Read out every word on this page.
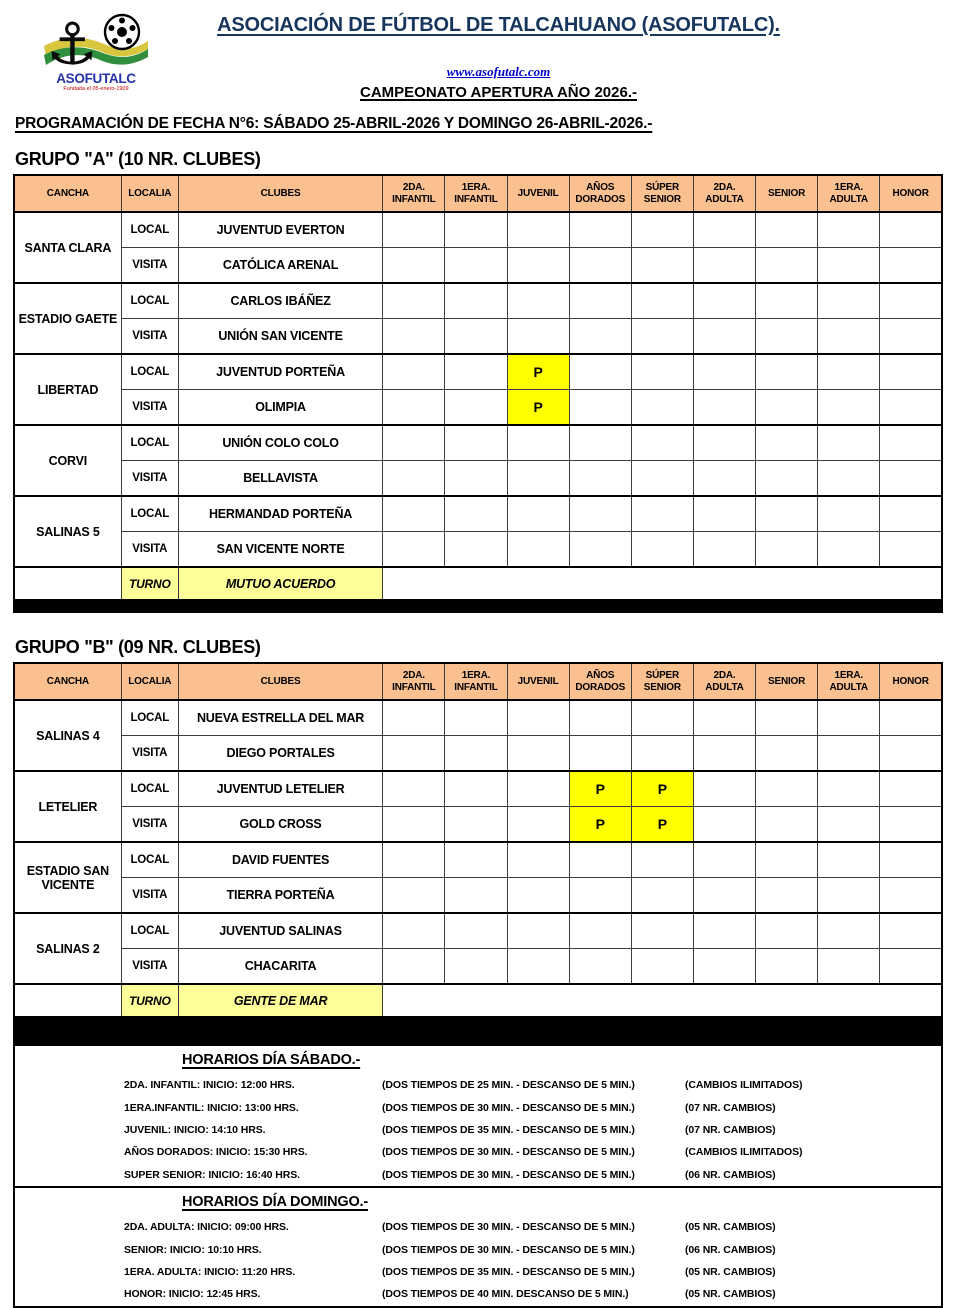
⚓
ASOFUTALC
Fundada el 05-enero-1909
ASOCIACIÓN DE FÚTBOL DE TALCAHUANO (ASOFUTALC).

www.asofutalc.com
CAMPEONATO APERTURA AÑO 2026.-
PROGRAMACIÓN DE FECHA N°6: SÁBADO 25-ABRIL-2026 Y DOMINGO 26-ABRIL-2026.-
GRUPO "A" (10 NR. CLUBES)
CANCHA	LOCALIA	CLUBES	2DA. INFANTIL	1ERA. INFANTIL	JUVENIL	AÑOS DORADOS	SÚPER SENIOR	2DA. ADULTA	SENIOR	1ERA. ADULTA	HONOR
SANTA CLARA	LOCAL	JUVENTUD EVERTON									
	VISITA	CATÓLICA ARENAL									
ESTADIO GAETE	LOCAL	CARLOS IBÁÑEZ									
	VISITA	UNIÓN SAN VICENTE									
LIBERTAD	LOCAL	JUVENTUD PORTEÑA			P						
	VISITA	OLIMPIA			P						
CORVI	LOCAL	UNIÓN COLO COLO									
	VISITA	BELLAVISTA									
SALINAS 5	LOCAL	HERMANDAD PORTEÑA									
	VISITA	SAN VICENTE NORTE									
	TURNO	MUTUO ACUERDO									
GRUPO "B" (09 NR. CLUBES)
CANCHA	LOCALIA	CLUBES	2DA. INFANTIL	1ERA. INFANTIL	JUVENIL	AÑOS DORADOS	SÚPER SENIOR	2DA. ADULTA	SENIOR	1ERA. ADULTA	HONOR
SALINAS 4	LOCAL	NUEVA ESTRELLA DEL MAR									
	VISITA	DIEGO PORTALES									
LETELIER	LOCAL	JUVENTUD LETELIER				P	P				
	VISITA	GOLD CROSS				P	P				
ESTADIO SAN VICENTE	LOCAL	DAVID FUENTES									
	VISITA	TIERRA PORTEÑA									
SALINAS 2	LOCAL	JUVENTUD SALINAS									
	VISITA	CHACARITA									
	TURNO	GENTE DE MAR									
HORARIOS DÍA SÁBADO.-
2DA. INFANTIL: INICIO: 12:00 HRS.	(DOS TIEMPOS DE 25 MIN. - DESCANSO DE 5 MIN.)	(CAMBIOS ILIMITADOS)
1ERA.INFANTIL: INICIO: 13:00 HRS.	(DOS TIEMPOS DE 30 MIN. - DESCANSO DE 5 MIN.)	(07 NR. CAMBIOS)
JUVENIL: INICIO: 14:10 HRS.	(DOS TIEMPOS DE 35 MIN. - DESCANSO DE 5 MIN.)	(07 NR. CAMBIOS)
AÑOS DORADOS: INICIO: 15:30 HRS.	(DOS TIEMPOS DE 30 MIN. - DESCANSO DE 5 MIN.)	(CAMBIOS ILIMITADOS)
SUPER SENIOR: INICIO: 16:40 HRS.	(DOS TIEMPOS DE 30 MIN. - DESCANSO DE 5 MIN.)	(06 NR. CAMBIOS)
HORARIOS DÍA DOMINGO.-
2DA. ADULTA: INICIO: 09:00 HRS.	(DOS TIEMPOS DE 30 MIN. - DESCANSO DE 5 MIN.)	(05 NR. CAMBIOS)
SENIOR: INICIO: 10:10 HRS.	(DOS TIEMPOS DE 30 MIN. - DESCANSO DE 5 MIN.)	(06 NR. CAMBIOS)
1ERA. ADULTA: INICIO: 11:20 HRS.	(DOS TIEMPOS DE 35 MIN. - DESCANSO DE 5 MIN.)	(05 NR. CAMBIOS)
HONOR: INICIO: 12:45 HRS.	(DOS TIEMPOS DE 40 MIN. DESCANSO DE 5 MIN.)	(05 NR. CAMBIOS)
